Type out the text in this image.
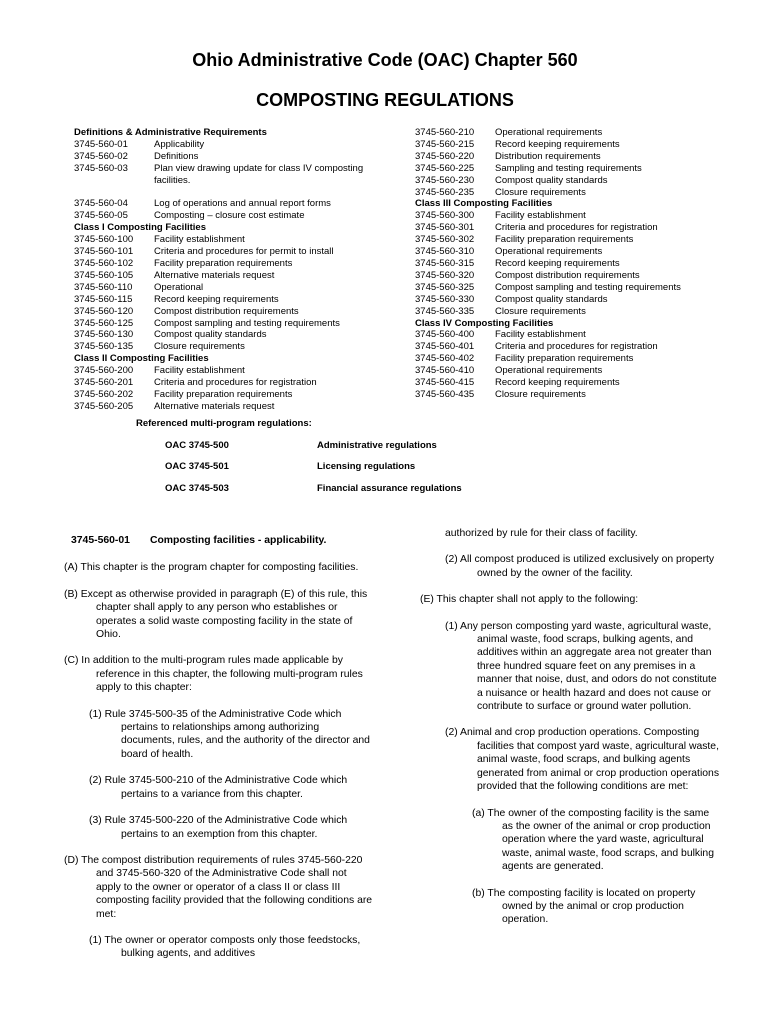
Ohio Administrative Code (OAC) Chapter 560
COMPOSTING REGULATIONS
Definitions & Administrative Requirements
3745-560-01	Applicability
3745-560-02	Definitions
3745-560-03	Plan view drawing update for class IV composting
facilities.

3745-560-04	Log of operations and annual report forms
3745-560-05	Composting – closure cost estimate
Class I Composting Facilities
3745-560-100	Facility establishment
3745-560-101	Criteria and procedures for permit to install
3745-560-102	Facility preparation requirements
3745-560-105	Alternative materials request
3745-560-110	Operational
3745-560-115	Record keeping requirements
3745-560-120	Compost distribution requirements
3745-560-125	Compost sampling and testing requirements
3745-560-130	Compost quality standards
3745-560-135	Closure requirements
Class II Composting Facilities
3745-560-200	Facility establishment
3745-560-201	Criteria and procedures for registration
3745-560-202	Facility preparation requirements
3745-560-205	Alternative materials request
3745-560-210	Operational requirements
3745-560-215	Record keeping requirements
3745-560-220	Distribution requirements
3745-560-225	Sampling and testing requirements
3745-560-230	Compost quality standards
3745-560-235	Closure requirements
Class III Composting Facilities
3745-560-300	Facility establishment
3745-560-301	Criteria and procedures for registration
3745-560-302	Facility preparation requirements
3745-560-310	Operational requirements
3745-560-315	Record keeping requirements
3745-560-320	Compost distribution requirements
3745-560-325	Compost sampling and testing requirements
3745-560-330	Compost quality standards
3745-560-335	Closure requirements
Class IV Composting Facilities
3745-560-400	Facility establishment
3745-560-401	Criteria and procedures for registration
3745-560-402	Facility preparation requirements
3745-560-410	Operational requirements
3745-560-415	Record keeping requirements
3745-560-435	Closure requirements
Referenced multi-program regulations:
OAC 3745-500	Administrative regulations
OAC 3745-501	Licensing regulations
OAC 3745-503	Financial assurance regulations
3745-560-01 Composting facilities - applicability.

(A) This chapter is the program chapter for composting facilities.

(B) Except as otherwise provided in paragraph (E) of this rule, this chapter shall apply to any person who establishes or operates a solid waste composting facility in the state of Ohio.

(C) In addition to the multi-program rules made applicable by reference in this chapter, the following multi-program rules apply to this chapter:

(1) Rule 3745-500-35 of the Administrative Code which pertains to relationships among authorizing documents, rules, and the authority of the director and board of health.

(2) Rule 3745-500-210 of the Administrative Code which pertains to a variance from this chapter.

(3) Rule 3745-500-220 of the Administrative Code which pertains to an exemption from this chapter.

(D) The compost distribution requirements of rules 3745-560-220 and 3745-560-320 of the Administrative Code shall not apply to the owner or operator of a class II or class III composting facility provided that the following conditions are met:

(1) The owner or operator composts only those feedstocks, bulking agents, and additives

authorized by rule for their class of facility.

(2) All compost produced is utilized exclusively on property owned by the owner of the facility.

(E) This chapter shall not apply to the following:

(1) Any person composting yard waste, agricultural waste, animal waste, food scraps, bulking agents, and additives within an aggregate area not greater than three hundred square feet on any premises in a manner that noise, dust, and odors do not constitute a nuisance or health hazard and does not cause or contribute to surface or ground water pollution.

(2) Animal and crop production operations. Composting facilities that compost yard waste, agricultural waste, animal waste, food scraps, and bulking agents generated from animal or crop production operations provided that the following conditions are met:

(a) The owner of the composting facility is the same as the owner of the animal or crop production operation where the yard waste, agricultural waste, animal waste, food scraps, and bulking agents are generated.

(b) The composting facility is located on property owned by the animal or crop production operation.
